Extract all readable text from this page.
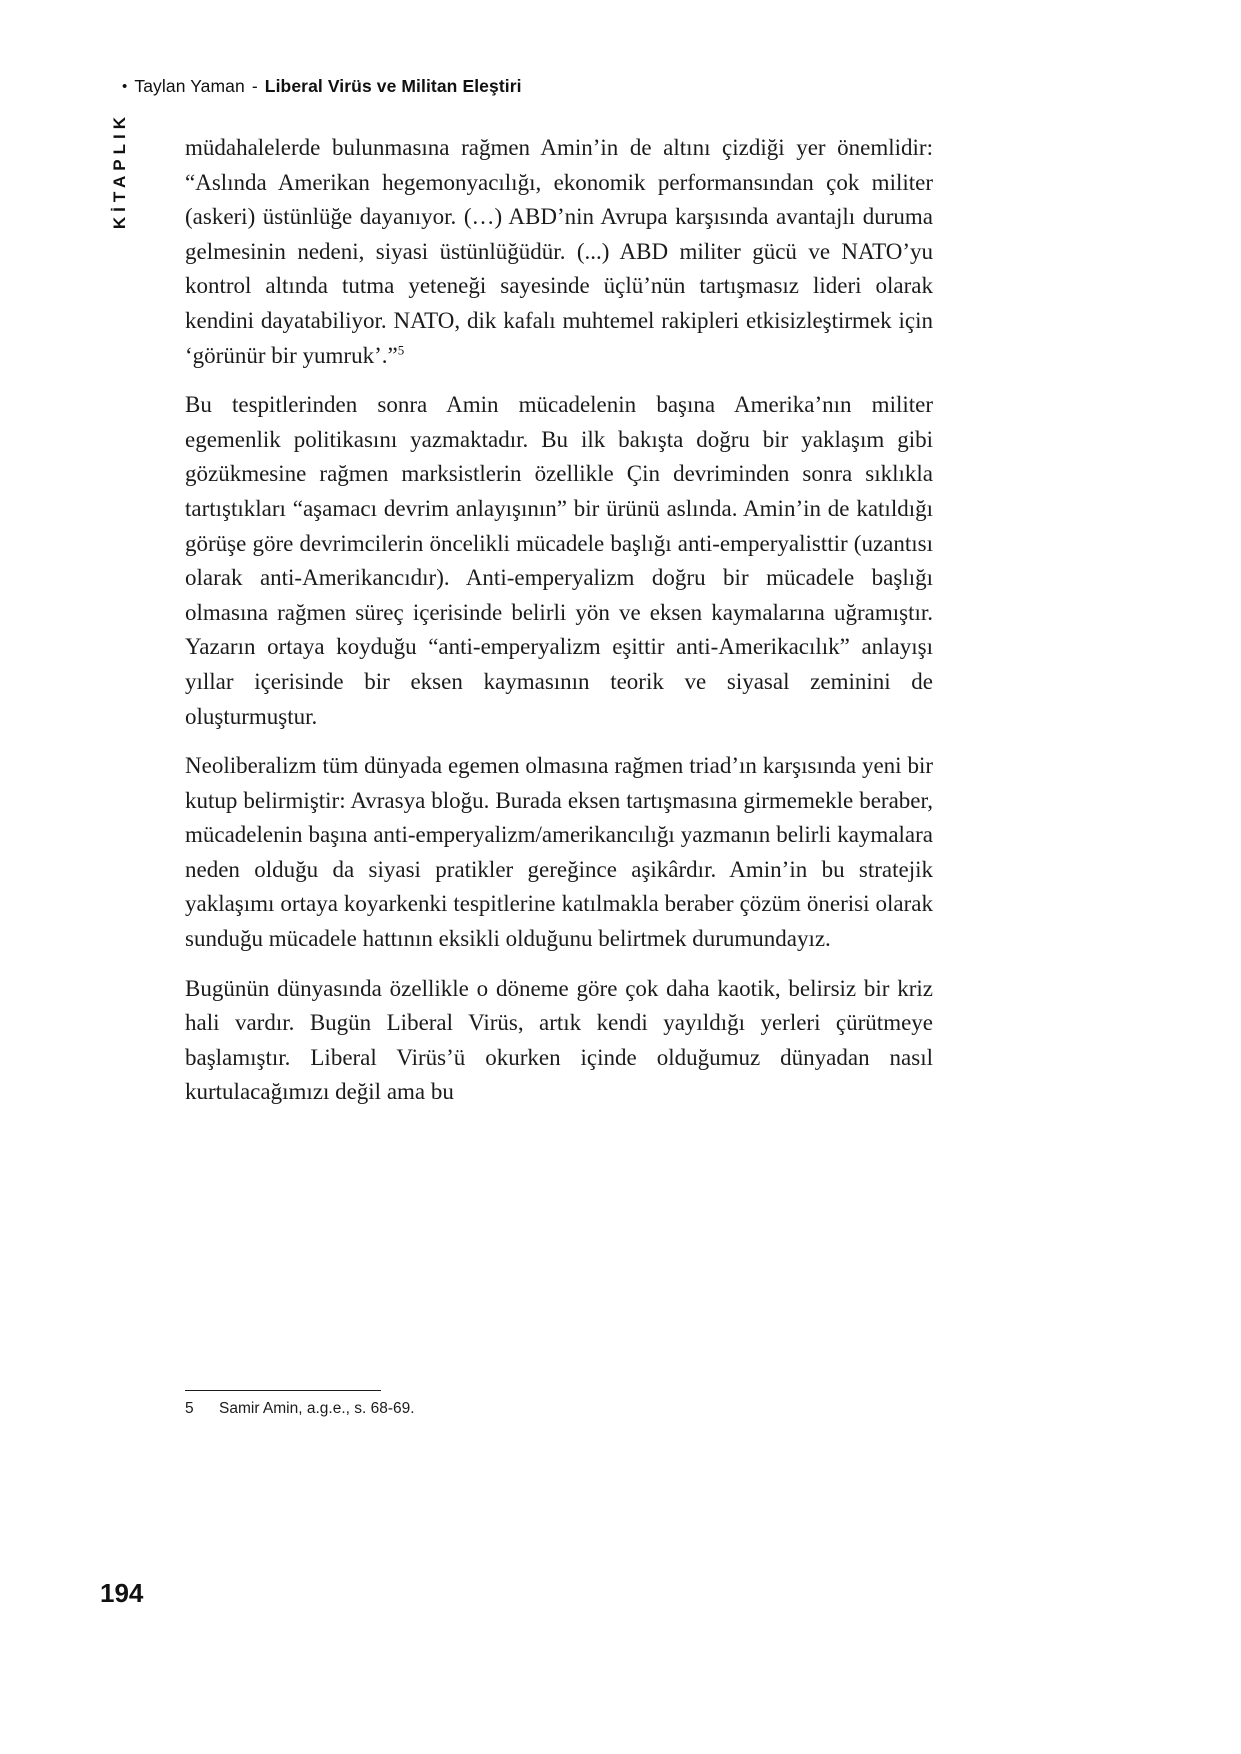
• Taylan Yaman - Liberal Virüs ve Militan Eleştiri
KİTAPLIK müdahalelerde bulunmasına rağmen Amin’in de altını çizdiği yer önemlidir: “Aslında Amerikan hegemonyacılığı, ekonomik performansından çok militer (askeri) üstünlüğe dayanıyor. (…) ABD’nin Avrupa karşısında avantajlı duruma gelmesinin nedeni, siyasi üstünlüğüdür. (...) ABD militer gücü ve NATO’yu kontrol altında tutma yeteneği sayesinde üçlü’nün tartışmasız lideri olarak kendini dayatabiliyor. NATO, dik kafalı muhtemel rakipleri etkisizleştirmek için ‘görünür bir yumruk’.”$^5$

Bu tespitlerinden sonra Amin mücadelenin başına Amerika’nın militer egemenlik politikasını yazmaktadır. Bu ilk bakışta doğru bir yaklaşım gibi gözükmesine rağmen marksistlerin özellikle Çin devriminden sonra sıklıkla tartıştıkları “aşamacı devrim anlayışının” bir ürünü aslında. Amin’in de katıldığı görüşe göre devrimcilerin öncelikli mücadele başlığı anti-emperyalisttir (uzantısı olarak anti-Amerikancıdır). Anti-emperyalizm doğru bir mücadele başlığı olmasına rağmen süreç içerisinde belirli yön ve eksen kaymalarına uğramıştır. Yazarın ortaya koyduğu “anti-emperyalizm eşittir anti-Amerikacılık” anlayışı yıllar içerisinde bir eksen kaymasının teorik ve siyasal zeminini de oluşturmuştur.

Neoliberalizm tüm dünyada egemen olmasına rağmen triad’ın karşısında yeni bir kutup belirmiştir: Avrasya bloğu. Burada eksen tartışmasına girmemekle beraber, mücadelenin başına anti-emperyalizm/amerikancılığı yazmanın belirli kaymalara neden olduğu da siyasi pratikler gereğince aşikârdır. Amin’in bu stratejik yaklaşımı ortaya koyarkenki tespitlerine katılmakla beraber çözüm önerisi olarak sunduğu mücadele hattının eksikli olduğunu belirtmek durumundayız.

Bugünün dünyasında özellikle o döneme göre çok daha kaotik, belirsiz bir kriz hali vardır. Bugün Liberal Virüs, artık kendi yayıldığı yerleri çürütmeye başlamıştır. Liberal Virüs’ü okurken içinde olduğumuz dünyadan nasıl kurtulacağımızı değil ama bu

5 Samir Amin, a.g.e., s. 68-69.
194
